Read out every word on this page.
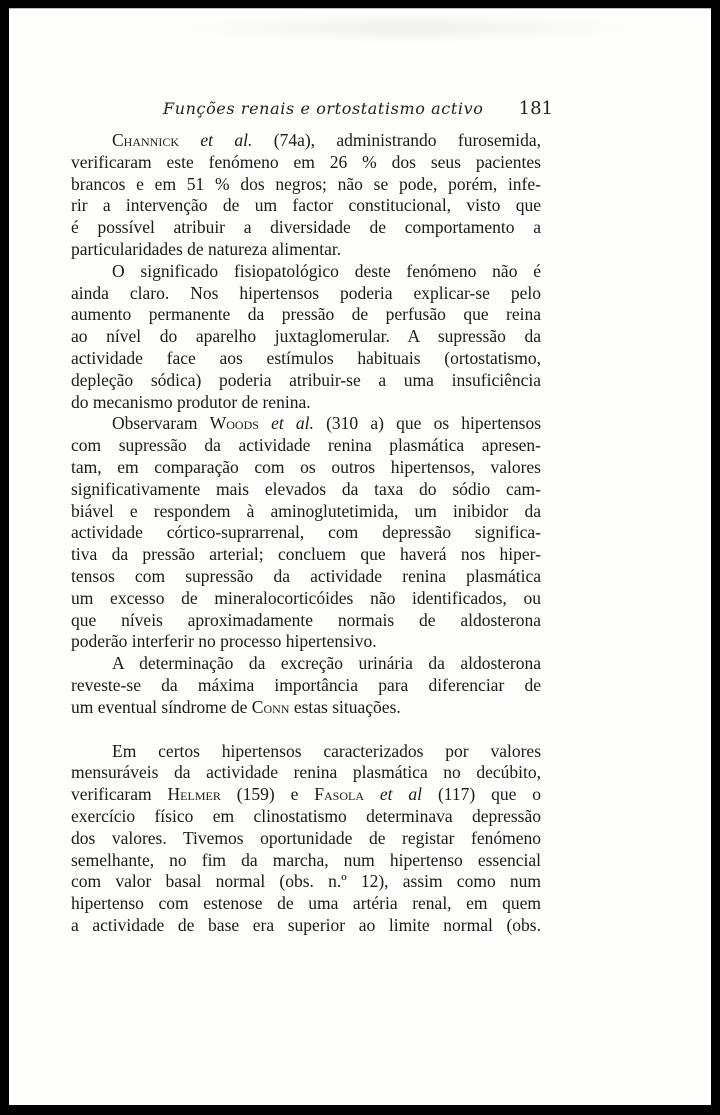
Funções renais e ortostatismo activo 181
Channick et al. (74a), administrando furosemida,
verificaram este fenómeno em 26 % dos seus pacientes
brancos e em 51 % dos negros; não se pode, porém, infe-
rir a intervenção de um factor constitucional, visto que
é possível atribuir a diversidade de comportamento a
particularidades de natureza alimentar.
O significado fisiopatológico deste fenómeno não é
ainda claro. Nos hipertensos poderia explicar-se pelo
aumento permanente da pressão de perfusão que reina
ao nível do aparelho juxtaglomerular. A supressão da
actividade face aos estímulos habituais (ortostatismo,
depleção sódica) poderia atribuir-se a uma insuficiência
do mecanismo produtor de renina.
Observaram Woods et al. (310 a) que os hipertensos
com supressão da actividade renina plasmática apresen-
tam, em comparação com os outros hipertensos, valores
significativamente mais elevados da taxa do sódio cam-
biável e respondem à aminoglutetimida, um inibidor da
actividade córtico-suprarrenal, com depressão significa-
tiva da pressão arterial; concluem que haverá nos hiper-
tensos com supressão da actividade renina plasmática
um excesso de mineralocorticóides não identificados, ou
que níveis aproximadamente normais de aldosterona
poderão interferir no processo hipertensivo.
A determinação da excreção urinária da aldosterona
reveste-se da máxima importância para diferenciar de
um eventual síndrome de Conn estas situações.
Em certos hipertensos caracterizados por valores
mensuráveis da actividade renina plasmática no decúbito,
verificaram Helmer (159) e Fasola et al (117) que o
exercício físico em clinostatismo determinava depressão
dos valores. Tivemos oportunidade de registar fenómeno
semelhante, no fim da marcha, num hipertenso essencial
com valor basal normal (obs. n.º 12), assim como num
hipertenso com estenose de uma artéria renal, em quem
a actividade de base era superior ao limite normal (obs.
